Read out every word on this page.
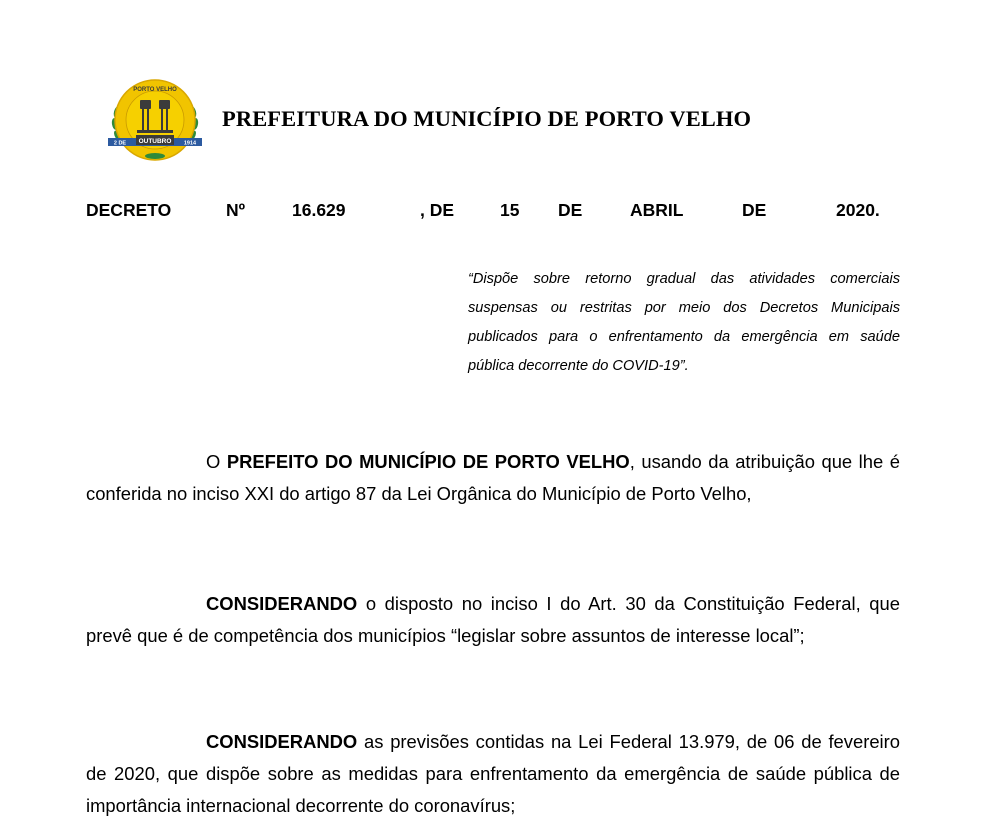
PORTO VELHO
OUTUBRO
2 DE	1914
PREFEITURA DO MUNICÍPIO DE PORTO VELHO
DECRETO	Nº	16.629	, DE	15 DE	ABRIL	DE	2020.
“Dispõe sobre retorno gradual das atividades comerciais suspensas ou restritas por meio dos Decretos Municipais publicados para o enfrentamento da emergência em saúde pública decorrente do COVID-19”.
O PREFEITO DO MUNICÍPIO DE PORTO VELHO, usando da atribuição que lhe é conferida no inciso XXI do artigo 87 da Lei Orgânica do Município de Porto Velho,
CONSIDERANDO o disposto no inciso I do Art. 30 da Constituição Federal, que prevê que é de competência dos municípios “legislar sobre assuntos de interesse local”;
CONSIDERANDO as previsões contidas na Lei Federal 13.979, de 06 de fevereiro de 2020, que dispõe sobre as medidas para enfrentamento da emergência de saúde pública de importância internacional decorrente do coronavírus;
